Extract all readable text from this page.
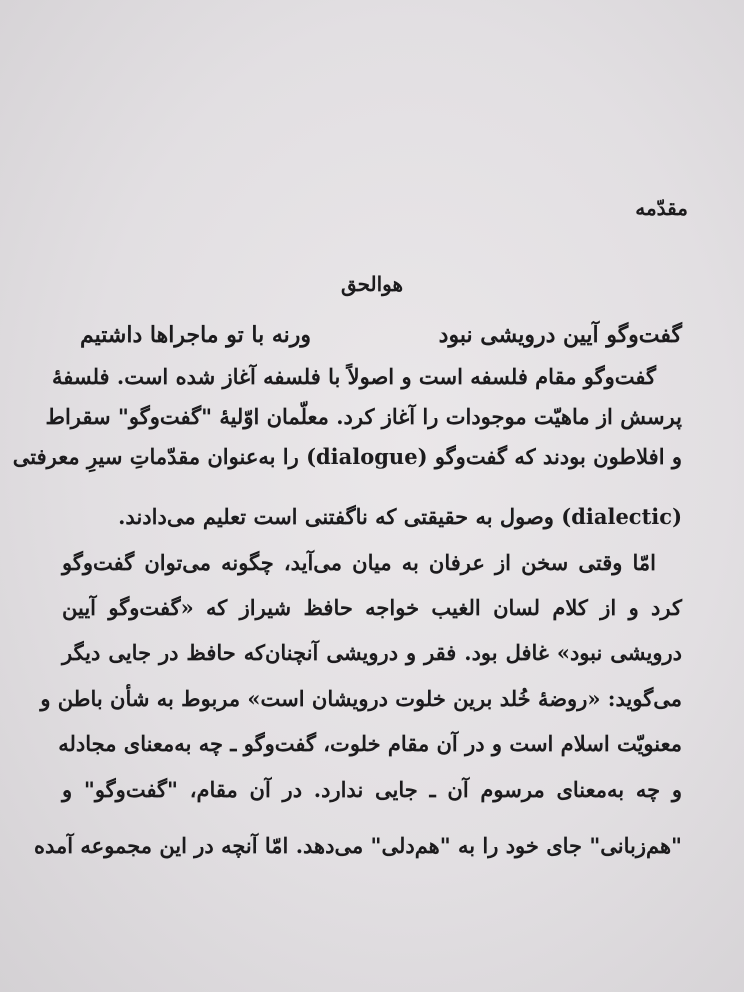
مقدّمه

هوالحق

گفت‌وگو آیین درویشی نبود
ورنه با تو ماجراها داشتیم

گفت‌وگو مقام فلسفه است و اصولاً با فلسفه آغاز شده است. فلسفهٔ

پرسش از ماهیّت موجودات را آغاز کرد. معلّمان اوّلیهٔ "گفت‌وگو" سقراط

و افلاطون بودند که گفت‌وگو (dialogue) را به‌عنوان مقدّماتِ سیرِ معرفتی

(dialectic) وصول به حقیقتی که ناگفتنی است تعلیم می‌دادند.

امّا وقتی سخن از عرفان به میان می‌آید، چگونه می‌توان گفت‌وگو

کرد و از کلام لسان الغیب خواجه حافظ شیراز که «گفت‌وگو آیین

درویشی نبود» غافل بود. فقر و درویشی آنچنان‌که حافظ در جایی دیگر

می‌گوید: «روضهٔ خُلد برین خلوت درویشان است» مربوط به شأن باطن و

معنویّت اسلام است و در آن مقام خلوت، گفت‌وگو ـ چه به‌معنای مجادله

و چه به‌معنای مرسوم آن ـ جایی ندارد. در آن مقام، "گفت‌وگو" و

"هم‌زبانی" جای خود را به "هم‌دلی" می‌دهد. امّا آنچه در این مجموعه آمده
